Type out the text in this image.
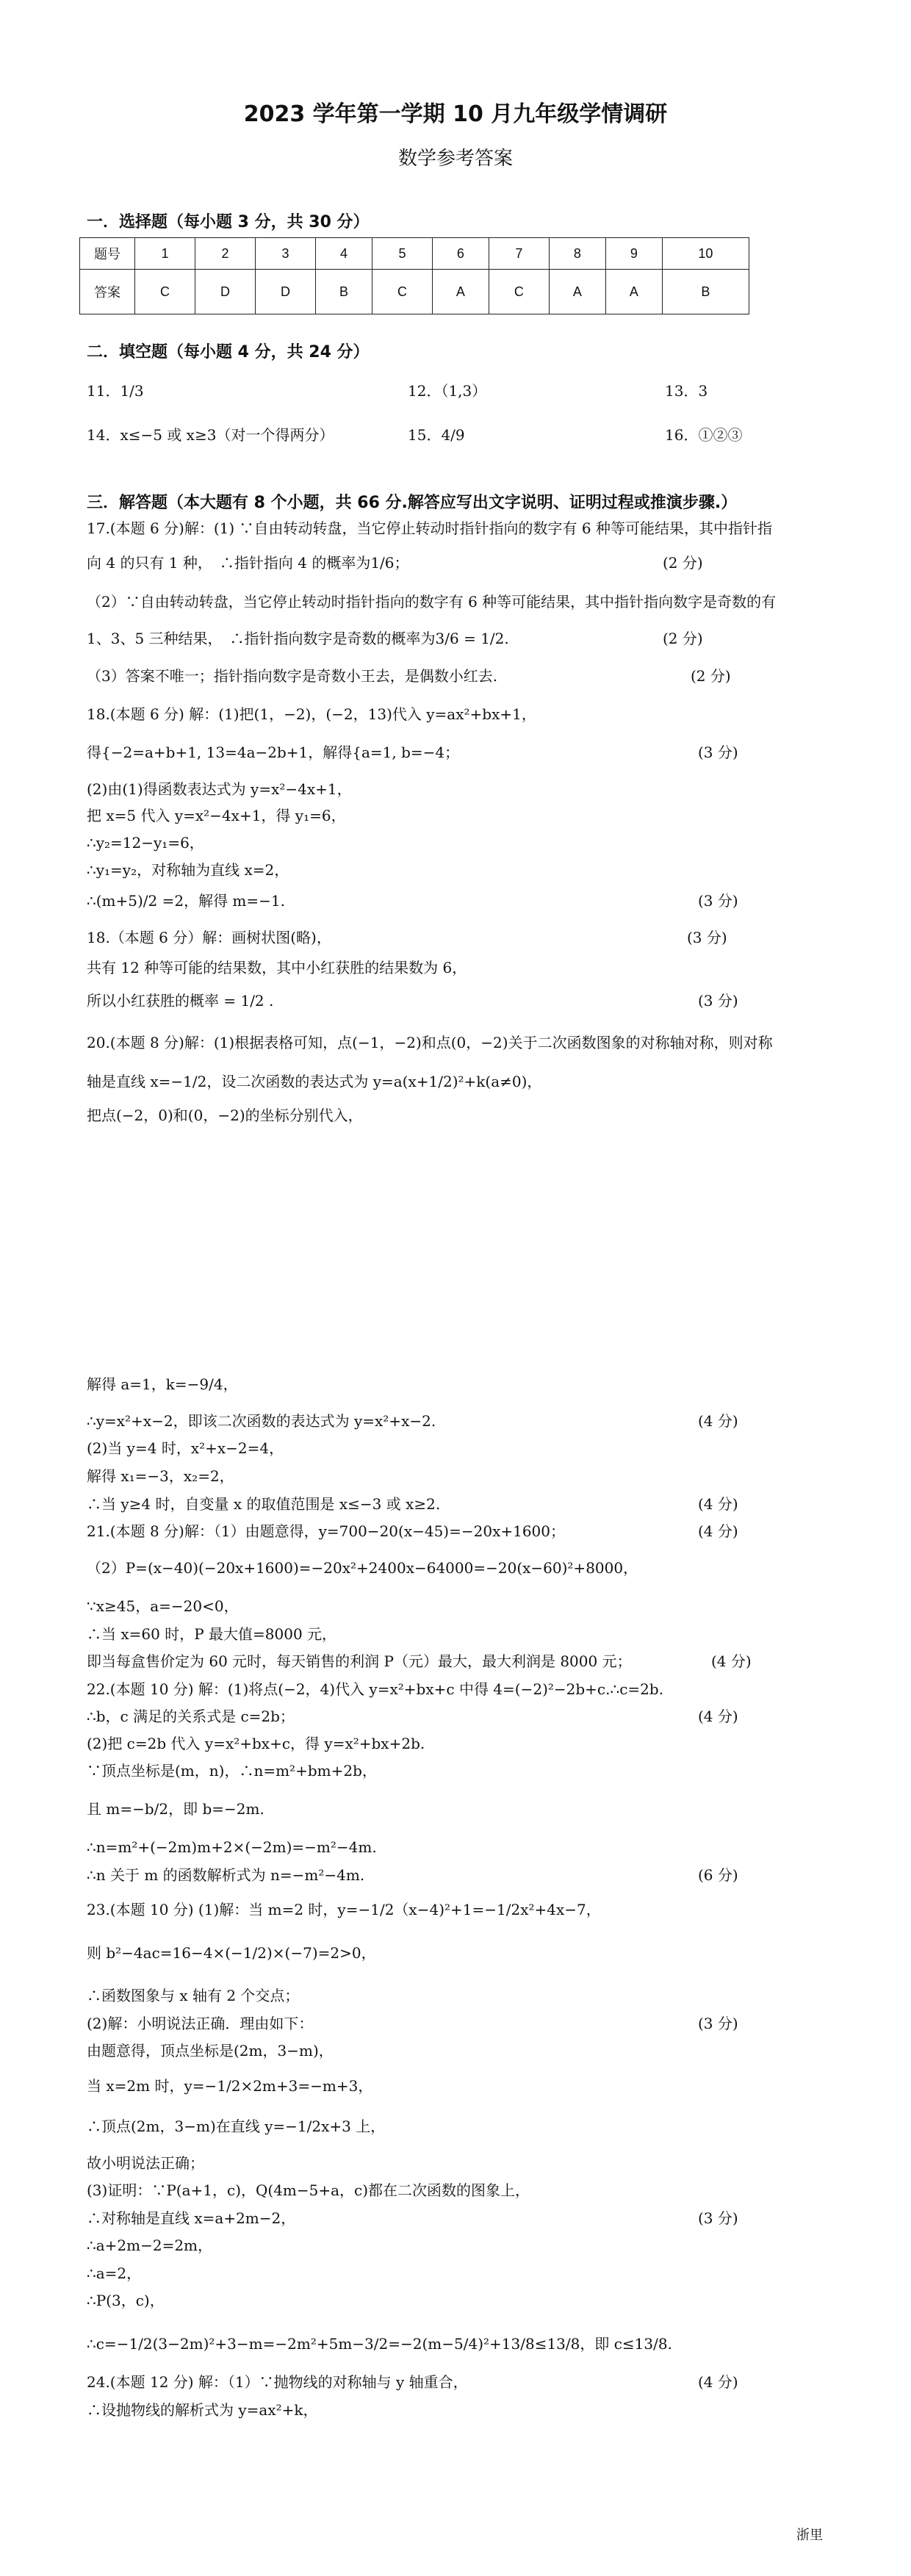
2023 学年第一学期 10 月九年级学情调研
数学参考答案
一．选择题（每小题 3 分，共 30 分）
题号	1	2	3	4	5	6	7	8	9	10
答案	C	D	D	B	C	A	C	A	A	B
二．填空题（每小题 4 分，共 24 分）
11．1/3	12．（1,3）	13．3
14．x≤−5 或 x≥3（对一个得两分）	15．4/9	16．①②③
三．解答题（本大题有 8 个小题，共 66 分.解答应写出文字说明、证明过程或推演步骤.）
17.(本题 6 分)解：(1) ∵自由转动转盘，当它停止转动时指针指向的数字有 6 种等可能结果，其中指针指
向 4 的只有 1 种，　∴指针指向 4 的概率为1/6；
（2）∵自由转动转盘，当它停止转动时指针指向的数字有 6 种等可能结果，其中指针指向数字是奇数的有
1、3、5 三种结果，　∴指针指向数字是奇数的概率为3/6 = 1/2.
（3）答案不唯一；指针指向数字是奇数小王去，是偶数小红去.
18.(本题 6 分) 解：(1)把(1，−2)，(−2，13)代入 y=ax²+bx+1，
得{−2=a+b+1, 13=4a−2b+1，解得{a=1, b=−4；
(2)由(1)得函数表达式为 y=x²−4x+1，
把 x=5 代入 y=x²−4x+1，得 y₁=6，
∴y₂=12−y₁=6，
∴y₁=y₂，对称轴为直线 x=2，
∴(m+5)/2 =2，解得 m=−1.
18.（本题 6 分）解：画树状图(略)，
共有 12 种等可能的结果数，其中小红获胜的结果数为 6，
所以小红获胜的概率 = 1/2 .
20.(本题 8 分)解：(1)根据表格可知，点(−1，−2)和点(0，−2)关于二次函数图象的对称轴对称，则对称
轴是直线 x=−1/2，设二次函数的表达式为 y=a(x+1/2)²+k(a≠0)，
把点(−2，0)和(0，−2)的坐标分别代入，
解得 a=1，k=−9/4，
∴y=x²+x−2，即该二次函数的表达式为 y=x²+x−2.
(2)当 y=4 时，x²+x−2=4，
解得 x₁=−3，x₂=2，
∴当 y≥4 时，自变量 x 的取值范围是 x≤−3 或 x≥2.
21.(本题 8 分)解：（1）由题意得，y=700−20(x−45)=−20x+1600；
（2）P=(x−40)(−20x+1600)=−20x²+2400x−64000=−20(x−60)²+8000，
∵x≥45，a=−20<0，
∴当 x=60 时，P 最大值=8000 元，
即当每盒售价定为 60 元时，每天销售的利润 P（元）最大，最大利润是 8000 元；
22.(本题 10 分) 解：(1)将点(−2，4)代入 y=x²+bx+c 中得 4=(−2)²−2b+c.∴c=2b.
∴b，c 满足的关系式是 c=2b；
(2)把 c=2b 代入 y=x²+bx+c，得 y=x²+bx+2b.
∵顶点坐标是(m，n)，∴n=m²+bm+2b，
且 m=−b/2，即 b=−2m.
∴n=m²+(−2m)m+2×(−2m)=−m²−4m.
∴n 关于 m 的函数解析式为 n=−m²−4m.
23.(本题 10 分) (1)解：当 m=2 时，y=−1/2（x−4)²+1=−1/2x²+4x−7，
则 b²−4ac=16−4×(−1/2)×(−7)=2>0，
∴函数图象与 x 轴有 2 个交点；
(2)解：小明说法正确．理由如下：
由题意得，顶点坐标是(2m，3−m)，
当 x=2m 时，y=−1/2×2m+3=−m+3，
∴顶点(2m，3−m)在直线 y=−1/2x+3 上，
故小明说法正确；
(3)证明：∵P(a+1，c)，Q(4m−5+a，c)都在二次函数的图象上，
∴对称轴是直线 x=a+2m−2，
∴a+2m−2=2m，
∴a=2，
∴P(3，c)，
∴c=−1/2(3−2m)²+3−m=−2m²+5m−3/2=−2(m−5/4)²+13/8≤13/8，即 c≤13/8.
24.(本题 12 分) 解：（1）∵抛物线的对称轴与 y 轴重合，
∴设抛物线的解析式为 y=ax²+k，
(2 分)
(2 分)
(2 分)
(3 分)
(3 分)
(3 分)
(3 分)
(4 分)
(4 分)
(4 分)
(4 分)
(4 分)
(6 分)
(3 分)
(3 分)
(4 分)
浙里
